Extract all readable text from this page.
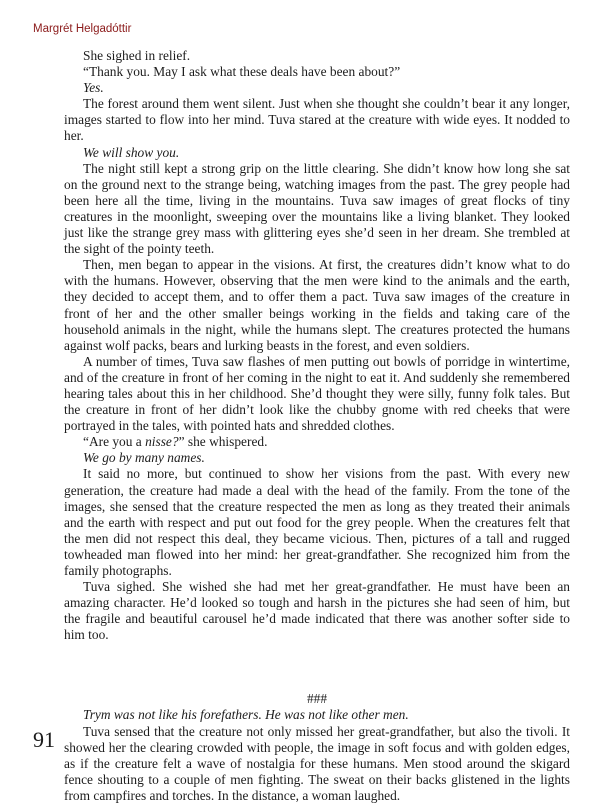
Margrét Helgadóttir

She sighed in relief.

“Thank you. May I ask what these deals have been about?”

Yes.

The forest around them went silent. Just when she thought she couldn’t bear it any longer, images started to flow into her mind. Tuva stared at the creature with wide eyes. It nodded to her.

We will show you.

The night still kept a strong grip on the little clearing. She didn’t know how long she sat on the ground next to the strange being, watching images from the past. The grey people had been here all the time, living in the mountains. Tuva saw images of great flocks of tiny creatures in the moonlight, sweeping over the mountains like a living blanket. They looked just like the strange grey mass with glittering eyes she’d seen in her dream. She trembled at the sight of the pointy teeth.

Then, men began to appear in the visions. At first, the creatures didn’t know what to do with the humans. However, observing that the men were kind to the animals and the earth, they decided to accept them, and to offer them a pact. Tuva saw images of the creature in front of her and the other smaller beings working in the fields and taking care of the household animals in the night, while the humans slept. The creatures protected the humans against wolf packs, bears and lurking beasts in the forest, and even soldiers.

A number of times, Tuva saw flashes of men putting out bowls of porridge in wintertime, and of the creature in front of her coming in the night to eat it. And suddenly she remembered hearing tales about this in her childhood. She’d thought they were silly, funny folk tales. But the creature in front of her didn’t look like the chubby gnome with red cheeks that were portrayed in the tales, with pointed hats and shredded clothes.

“Are you a nisse?” she whispered.

We go by many names.

It said no more, but continued to show her visions from the past. With every new generation, the creature had made a deal with the head of the family. From the tone of the images, she sensed that the creature respected the men as long as they treated their animals and the earth with respect and put out food for the grey people. When the creatures felt that the men did not respect this deal, they became vicious. Then, pictures of a tall and rugged towheaded man flowed into her mind: her great-grandfather. She recognized him from the family photographs.

Tuva sighed. She wished she had met her great-grandfather. He must have been an amazing character. He’d looked so tough and harsh in the pictures she had seen of him, but the fragile and beautiful carousel he’d made indicated that there was another softer side to him too.

###

Trym was not like his forefathers. He was not like other men.

Tuva sensed that the creature not only missed her great-grandfather, but also the tivoli. It showed her the clearing crowded with people, the image in soft focus and with golden edges, as if the creature felt a wave of nostalgia for these humans. Men stood around the skigard fence shouting to a couple of men fighting. The sweat on their backs glistened in the lights from campfires and torches. In the distance, a woman laughed.

91
